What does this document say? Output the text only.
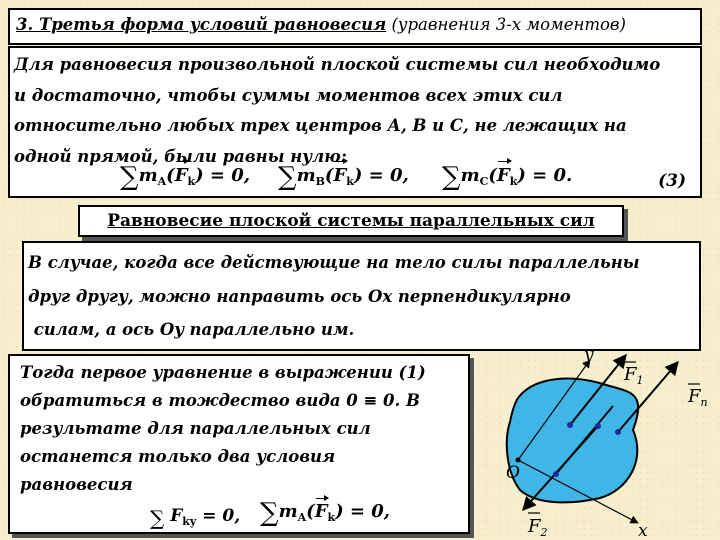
3. Третья форма условий равновесия (уравнения 3-х моментов)
Для равновесия произвольной плоской системы сил необходимо
и достаточно, чтобы суммы моментов всех этих сил
относительно любых трех центров А, В и С, не лежащих на
одной прямой, были равны нулю:
$\sum m_A(F_k) = 0$, $\sum m_B(F_k) = 0$, $\sum m_C(F_k) = 0$.	(3)
Равновесие плоской системы параллельных сил
В случае, когда все действующие на тело силы параллельны
друг другу, можно направить ось Ox перпендикулярно
силам, а ось Oy параллельно им.
Тогда первое уравнение в выражении (1)
обратиться в тождество вида 0 ≡ 0. В
результате для параллельных сил
останется только два условия
равновесия
∑ $F_{ky} = 0$, $\sum m_A(F_k) = 0$,
y
O
x
$F_1$
$F_n$
$F_2$
